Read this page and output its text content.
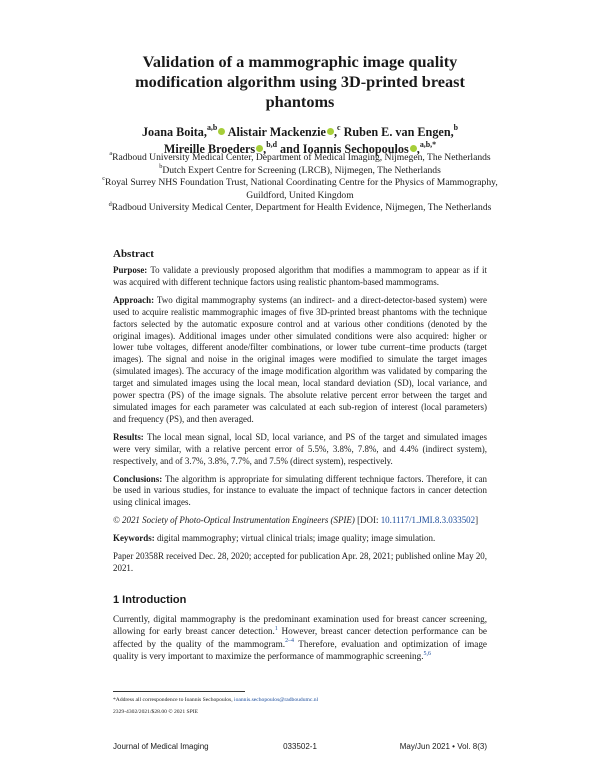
Validation of a mammographic image quality modification algorithm using 3D-printed breast phantoms
Joana Boita,$^{a,b}$ Alistair Mackenzie ,$^c$ Ruben E. van Engen,$^b$
Mireille Broeders ,$^{b,d}$ and Ioannis Sechopoulos ,$^{a,b,*}$

$^a$Radboud University Medical Center, Department of Medical Imaging, Nijmegen, The Netherlands

$^b$Dutch Expert Centre for Screening (LRCB), Nijmegen, The Netherlands

$^c$Royal Surrey NHS Foundation Trust, National Coordinating Centre for the Physics of Mammography, Guildford, United Kingdom

$^d$Radboud University Medical Center, Department for Health Evidence, Nijmegen, The Netherlands

Abstract

Purpose: To validate a previously proposed algorithm that modifies a mammogram to appear as if it was acquired with different technique factors using realistic phantom-based mammograms.

Approach: Two digital mammography systems (an indirect- and a direct-detector-based system) were used to acquire realistic mammographic images of five 3D-printed breast phantoms with the technique factors selected by the automatic exposure control and at various other conditions (denoted by the original images). Additional images under other simulated conditions were also acquired: higher or lower tube voltages, different anode/filter combinations, or lower tube current–time products (target images). The signal and noise in the original images were modified to simulate the target images (simulated images). The accuracy of the image modification algorithm was validated by comparing the target and simulated images using the local mean, local standard deviation (SD), local variance, and power spectra (PS) of the image signals. The absolute relative percent error between the target and simulated images for each parameter was calculated at each sub-region of interest (local parameters) and frequency (PS), and then averaged.

Results: The local mean signal, local SD, local variance, and PS of the target and simulated images were very similar, with a relative percent error of 5.5%, 3.8%, 7.8%, and 4.4% (indirect system), respectively, and of 3.7%, 3.8%, 7.7%, and 7.5% (direct system), respectively.

Conclusions: The algorithm is appropriate for simulating different technique factors. Therefore, it can be used in various studies, for instance to evaluate the impact of technique factors in cancer detection using clinical images.

© 2021 Society of Photo-Optical Instrumentation Engineers (SPIE) [DOI: 10.1117/1.JMI.8.3.033502]

Keywords: digital mammography; virtual clinical trials; image quality; image simulation.

Paper 20358R received Dec. 28, 2020; accepted for publication Apr. 28, 2021; published online May 20, 2021.

1 Introduction

Currently, digital mammography is the predominant examination used for breast cancer screening, allowing for early breast cancer detection.$^1$ However, breast cancer detection performance can be affected by the quality of the mammogram.$^{2-4}$ Therefore, evaluation and optimization of image quality is very important to maximize the performance of mammographic screening.$^{5,6}$

*Address all correspondence to Ioannis Sechopoulos, ioannis.sechopoulos@radboudumc.nl

2329-4302/2021/$28.00 © 2021 SPIE

Journal of Medical Imaging	033502-1	May/Jun 2021 • Vol. 8(3)
